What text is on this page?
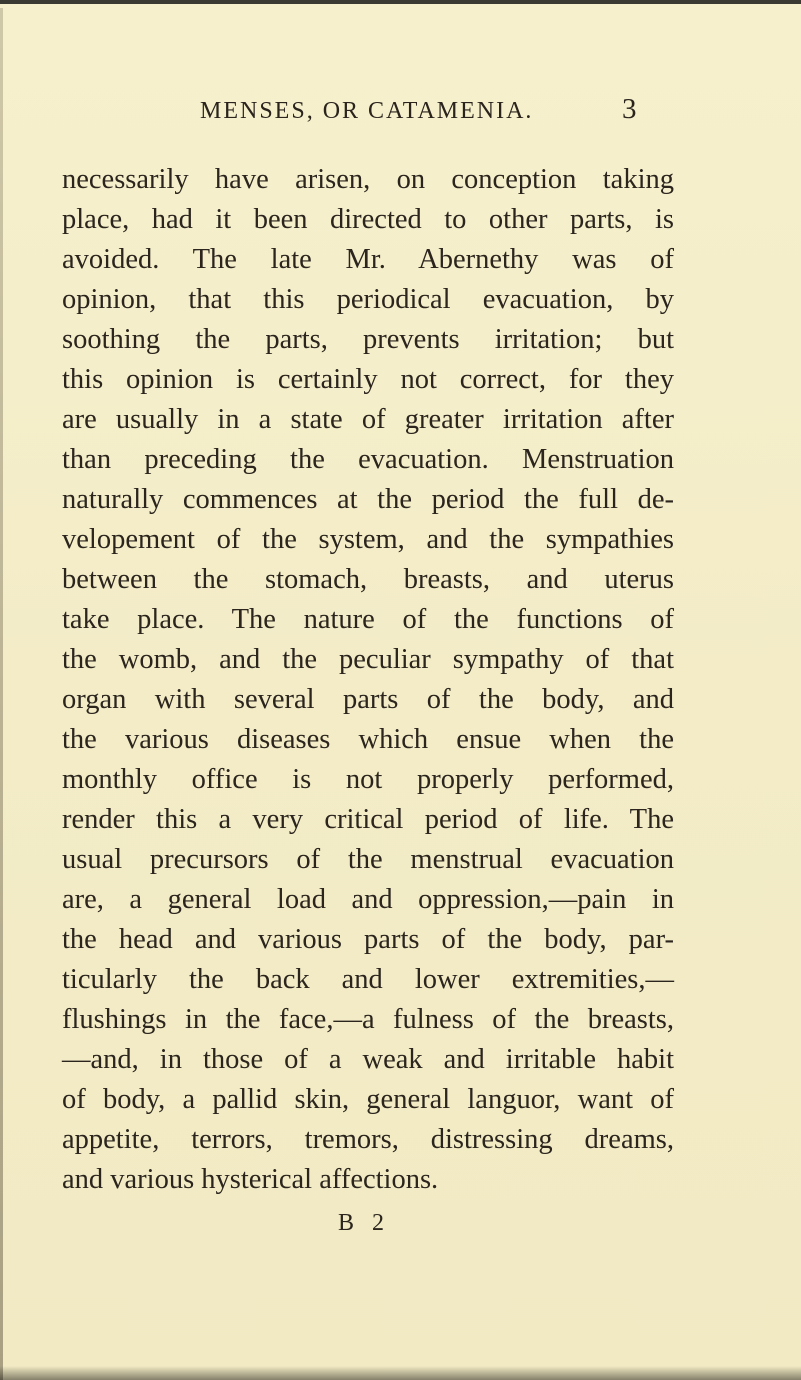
MENSES, OR CATAMENIA.	3
necessarily have arisen, on conception taking
place, had it been directed to other parts, is
avoided. The late Mr. Abernethy was of
opinion, that this periodical evacuation, by
soothing the parts, prevents irritation; but
this opinion is certainly not correct, for they
are usually in a state of greater irritation after
than preceding the evacuation. Menstruation
naturally commences at the period the full de-
velopement of the system, and the sympathies
between the stomach, breasts, and uterus
take place. The nature of the functions of
the womb, and the peculiar sympathy of that
organ with several parts of the body, and
the various diseases which ensue when the
monthly office is not properly performed,
render this a very critical period of life. The
usual precursors of the menstrual evacuation
are, a general load and oppression,—pain in
the head and various parts of the body, par-
ticularly the back and lower extremities,—
flushings in the face,—a fulness of the breasts,
—and, in those of a weak and irritable habit
of body, a pallid skin, general languor, want of
appetite, terrors, tremors, distressing dreams,
and various hysterical affections.
B 2
